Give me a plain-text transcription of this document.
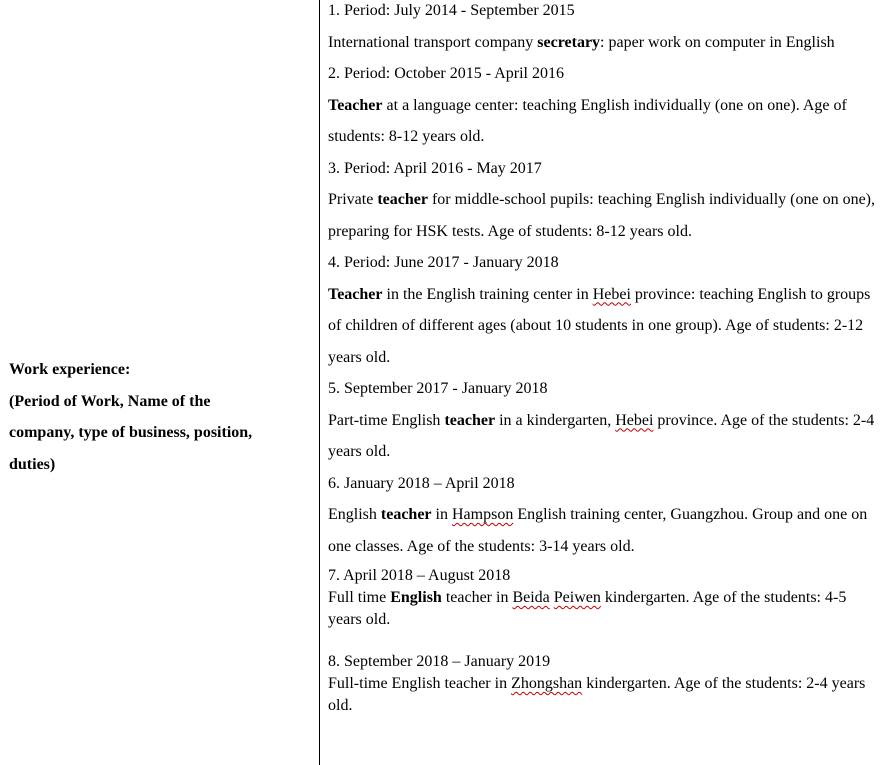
Work experience:
(Period of Work, Name of the
company, type of business, position,
duties)
1. Period: July 2014 - September 2015
International transport company secretary: paper work on computer in English
2. Period: October 2015 - April 2016
Teacher at a language center: teaching English individually (one on one). Age of students: 8-12 years old.
3. Period: April 2016 - May 2017
Private teacher for middle-school pupils: teaching English individually (one on one), preparing for HSK tests. Age of students: 8-12 years old.
4. Period: June 2017 - January 2018
Teacher in the English training center in Hebei province: teaching English to groups of children of different ages (about 10 students in one group). Age of students: 2-12 years old.
5. September 2017 - January 2018
Part-time English teacher in a kindergarten, Hebei province. Age of the students: 2-4 years old.
6. January 2018 – April 2018
English teacher in Hampson English training center, Guangzhou. Group and one on one classes. Age of the students: 3-14 years old.
7. April 2018 – August 2018
Full time English teacher in Beida Peiwen kindergarten. Age of the students: 4-5 years old.
8. September 2018 – January 2019
Full-time English teacher in Zhongshan kindergarten. Age of the students: 2-4 years old.
